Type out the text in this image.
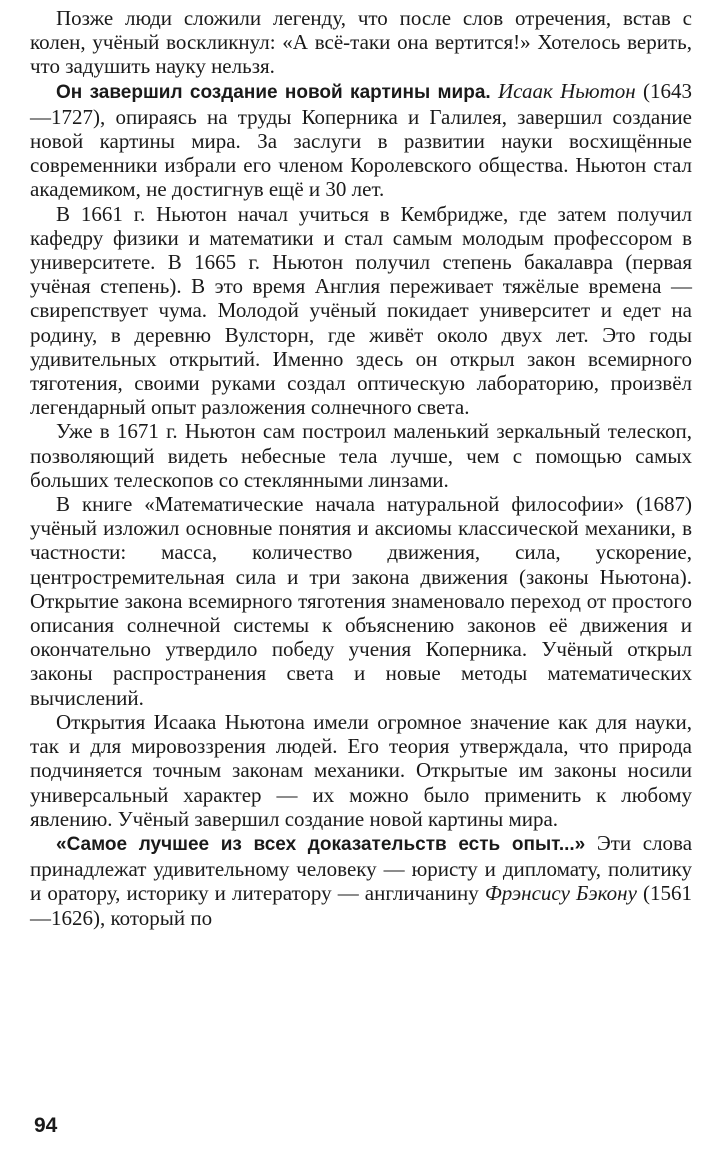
Позже люди сложили легенду, что после слов отречения, встав с колен, учёный воскликнул: «А всё-таки она вертится!» Хотелось верить, что задушить науку нельзя.

Он завершил создание новой картины мира. Исаак Ньютон (1643—1727), опираясь на труды Коперника и Галилея, завершил создание новой картины мира. За заслуги в развитии науки восхищённые современники избрали его членом Королевского общества. Ньютон стал академиком, не достигнув ещё и 30 лет.

В 1661 г. Ньютон начал учиться в Кембридже, где затем получил кафедру физики и математики и стал самым молодым профессором в университете. В 1665 г. Ньютон получил степень бакалавра (первая учёная степень). В это время Англия переживает тяжёлые времена — свирепствует чума. Молодой учёный покидает университет и едет на родину, в деревню Вулсторн, где живёт около двух лет. Это годы удивительных открытий. Именно здесь он открыл закон всемирного тяготения, своими руками создал оптическую лабораторию, произвёл легендарный опыт разложения солнечного света.

Уже в 1671 г. Ньютон сам построил маленький зеркальный телескоп, позволяющий видеть небесные тела лучше, чем с помощью самых больших телескопов со стеклянными линзами.

В книге «Математические начала натуральной философии» (1687) учёный изложил основные понятия и аксиомы классической механики, в частности: масса, количество движения, сила, ускорение, центростремительная сила и три закона движения (законы Ньютона). Открытие закона всемирного тяготения знаменовало переход от простого описания солнечной системы к объяснению законов её движения и окончательно утвердило победу учения Коперника. Учёный открыл законы распространения света и новые методы математических вычислений.

Открытия Исаака Ньютона имели огромное значение как для науки, так и для мировоззрения людей. Его теория утверждала, что природа подчиняется точным законам механики. Открытые им законы носили универсальный характер — их можно было применить к любому явлению. Учёный завершил создание новой картины мира.

«Самое лучшее из всех доказательств есть опыт...» Эти слова принадлежат удивительному человеку — юристу и дипломату, политику и оратору, историку и литератору — англичанину Фрэнсису Бэкону (1561—1626), который по

94
